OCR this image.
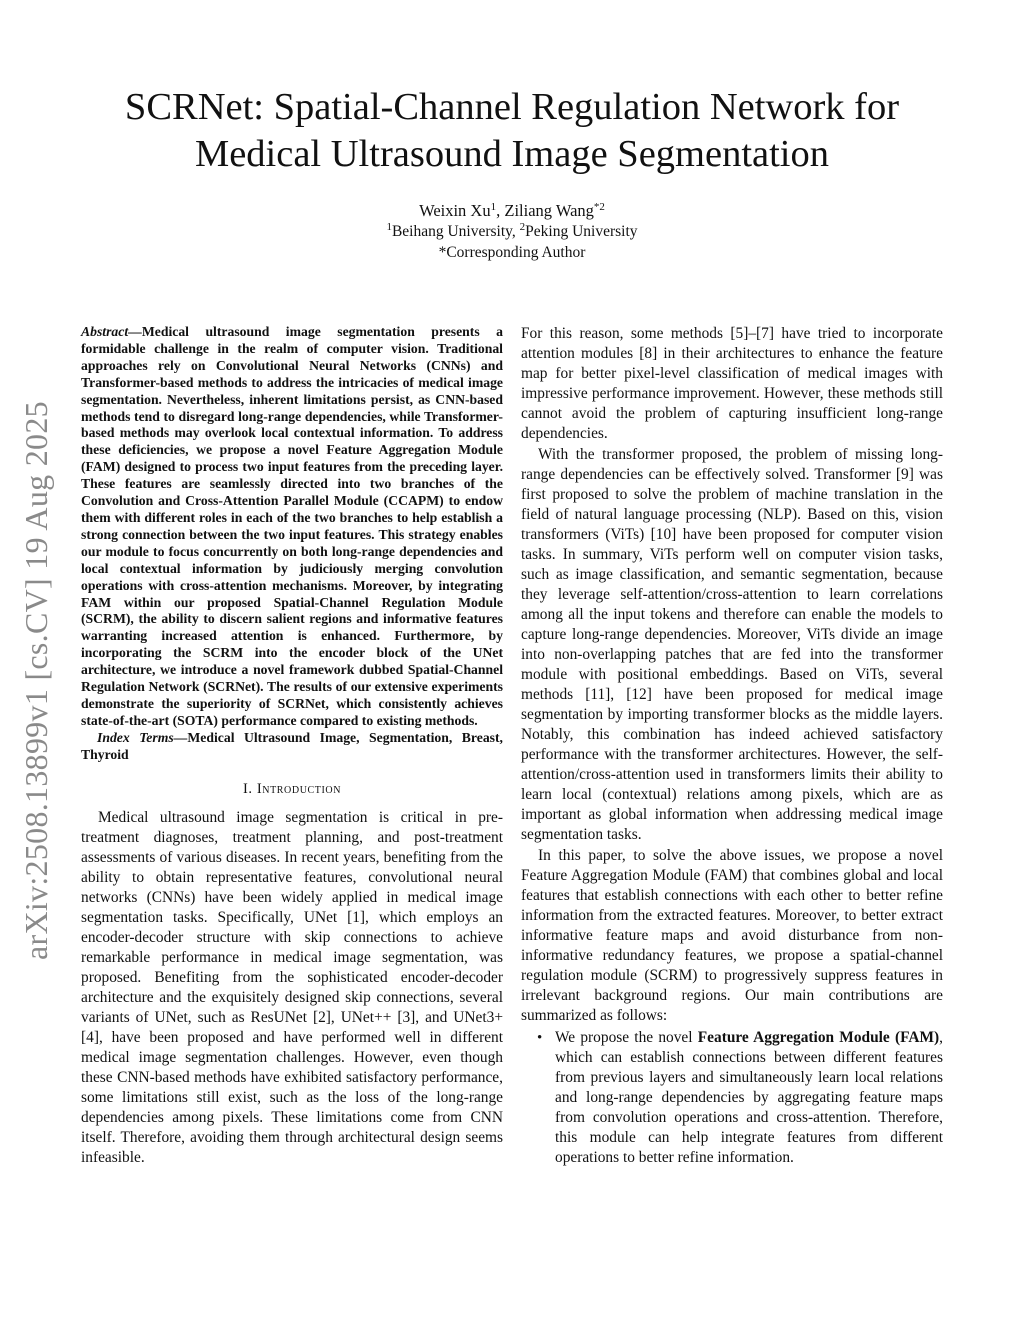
arXiv:2508.13899v1 [cs.CV] 19 Aug 2025
SCRNet: Spatial-Channel Regulation Network for
Medical Ultrasound Image Segmentation
Weixin Xu$^1$, Ziliang Wang$^{*2}$
$^1$Beihang University, $^2$Peking University
*Corresponding Author

Abstract—Medical ultrasound image segmentation presents a formidable challenge in the realm of computer vision. Traditional approaches rely on Convolutional Neural Networks (CNNs) and Transformer-based methods to address the intricacies of medical image segmentation. Nevertheless, inherent limitations persist, as CNN-based methods tend to disregard long-range dependencies, while Transformer-based methods may overlook local contextual information. To address these deficiencies, we propose a novel Feature Aggregation Module (FAM) designed to process two input features from the preceding layer. These features are seamlessly directed into two branches of the Convolution and Cross-Attention Parallel Module (CCAPM) to endow them with different roles in each of the two branches to help establish a strong connection between the two input features. This strategy enables our module to focus concurrently on both long-range dependencies and local contextual information by judiciously merging convolution operations with cross-attention mechanisms. Moreover, by integrating FAM within our proposed Spatial-Channel Regulation Module (SCRM), the ability to discern salient regions and informative features warranting increased attention is enhanced. Furthermore, by incorporating the SCRM into the encoder block of the UNet architecture, we introduce a novel framework dubbed Spatial-Channel Regulation Network (SCRNet). The results of our extensive experiments demonstrate the superiority of SCRNet, which consistently achieves state-of-the-art (SOTA) performance compared to existing methods.

Index Terms—Medical Ultrasound Image, Segmentation, Breast, Thyroid

I. Introduction

Medical ultrasound image segmentation is critical in pre-treatment diagnoses, treatment planning, and post-treatment assessments of various diseases. In recent years, benefiting from the ability to obtain representative features, convolutional neural networks (CNNs) have been widely applied in medical image segmentation tasks. Specifically, UNet [1], which employs an encoder-decoder structure with skip connections to achieve remarkable performance in medical image segmentation, was proposed. Benefiting from the sophisticated encoder-decoder architecture and the exquisitely designed skip connections, several variants of UNet, such as ResUNet [2], UNet++ [3], and UNet3+ [4], have been proposed and have performed well in different medical image segmentation challenges. However, even though these CNN-based methods have exhibited satisfactory performance, some limitations still exist, such as the loss of the long-range dependencies among pixels. These limitations come from CNN itself. Therefore, avoiding them through architectural design seems infeasible.

For this reason, some methods [5]–[7] have tried to incorporate attention modules [8] in their architectures to enhance the feature map for better pixel-level classification of medical images with impressive performance improvement. However, these methods still cannot avoid the problem of capturing insufficient long-range dependencies.

With the transformer proposed, the problem of missing long-range dependencies can be effectively solved. Transformer [9] was first proposed to solve the problem of machine translation in the field of natural language processing (NLP). Based on this, vision transformers (ViTs) [10] have been proposed for computer vision tasks. In summary, ViTs perform well on computer vision tasks, such as image classification, and semantic segmentation, because they leverage self-attention/cross-attention to learn correlations among all the input tokens and therefore can enable the models to capture long-range dependencies. Moreover, ViTs divide an image into non-overlapping patches that are fed into the transformer module with positional embeddings. Based on ViTs, several methods [11], [12] have been proposed for medical image segmentation by importing transformer blocks as the middle layers. Notably, this combination has indeed achieved satisfactory performance with the transformer architectures. However, the self-attention/cross-attention used in transformers limits their ability to learn local (contextual) relations among pixels, which are as important as global information when addressing medical image segmentation tasks.

In this paper, to solve the above issues, we propose a novel Feature Aggregation Module (FAM) that combines global and local features that establish connections with each other to better refine information from the extracted features. Moreover, to better extract informative feature maps and avoid disturbance from non-informative redundancy features, we propose a spatial-channel regulation module (SCRM) to progressively suppress features in irrelevant background regions. Our main contributions are summarized as follows:

• We propose the novel Feature Aggregation Module (FAM), which can establish connections between different features from previous layers and simultaneously learn local relations and long-range dependencies by aggregating feature maps from convolution operations and cross-attention. Therefore, this module can help integrate features from different operations to better refine information.
